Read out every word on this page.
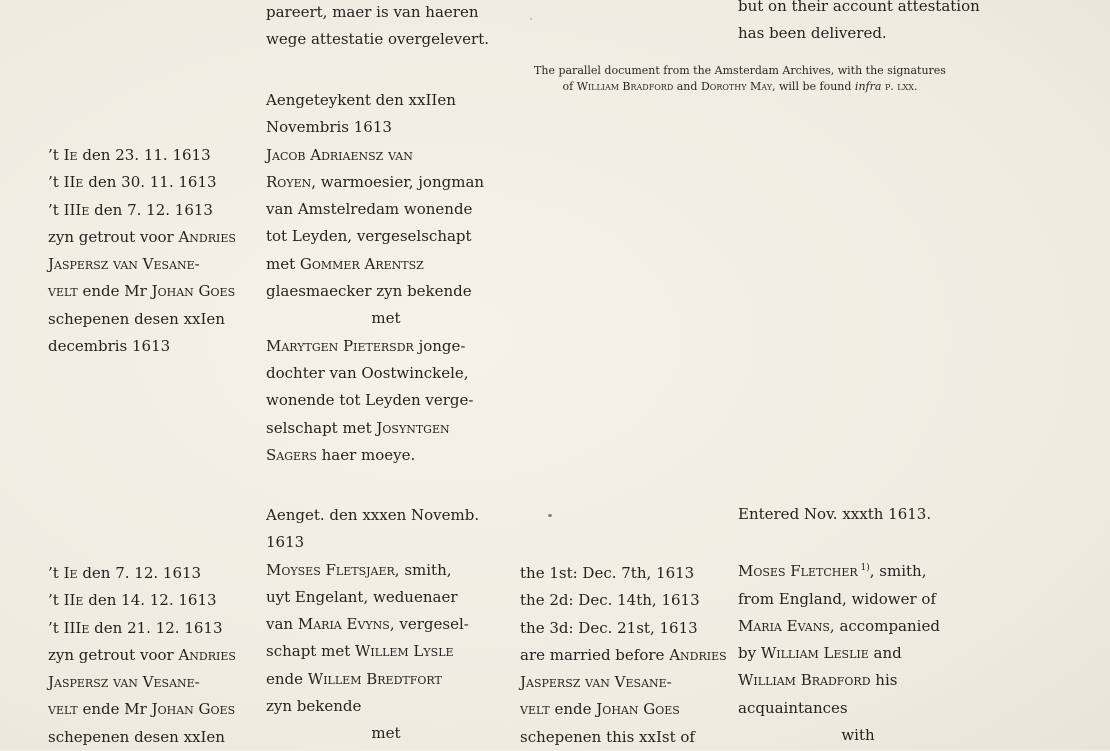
pareert, maer is van haeren
wege attestatie overgelevert.
but on their account attestation
has been delivered.
The parallel document from the Amsterdam Archives, with the signatures
of William Bradford and Dorothy May, will be found infra p. lxx.
’t Ie den 23. 11. 1613
’t IIe den 30. 11. 1613
’t IIIe den 7. 12. 1613
zyn getrout voor Andries
Jaspersz van Vesane-
velt ende Mr Johan Goes
schepenen desen xxIen
decembris 1613
Aengeteykent den xxIIen
Novembris 1613
Jacob Adriaensz van
Royen, warmoesier, jongman
van Amstelredam wonende
tot Leyden, vergeselschapt
met Gommer Arentsz
glaesmaecker zyn bekende
met
Marytgen Pietersdr jonge-
dochter van Oostwinckele,
wonende tot Leyden verge-
selschapt met Josyntgen
Sagers haer moeye.
Aenget. den xxxen Novemb.
1613
Moyses Fletsjaer, smith,
uyt Engelant, weduenaer
van Maria Evyns, vergesel-
schapt met Willem Lysle
ende Willem Bredtfort
zyn bekende
met
’t Ie den 7. 12. 1613
’t IIe den 14. 12. 1613
’t IIIe den 21. 12. 1613
zyn getrout voor Andries
Jaspersz van Vesane-
velt ende Mr Johan Goes
schepenen desen xxIen
the 1st: Dec. 7th, 1613
the 2d: Dec. 14th, 1613
the 3d: Dec. 21st, 1613
are married before Andries
Jaspersz van Vesane-
velt ende Johan Goes
schepenen this xxIst of
Entered Nov. xxxth 1613.
Moses Fletcher $^{1)}$, smith,
from England, widower of
Maria Evans, accompanied
by William Leslie and
William Bradford his
acquaintances
with
